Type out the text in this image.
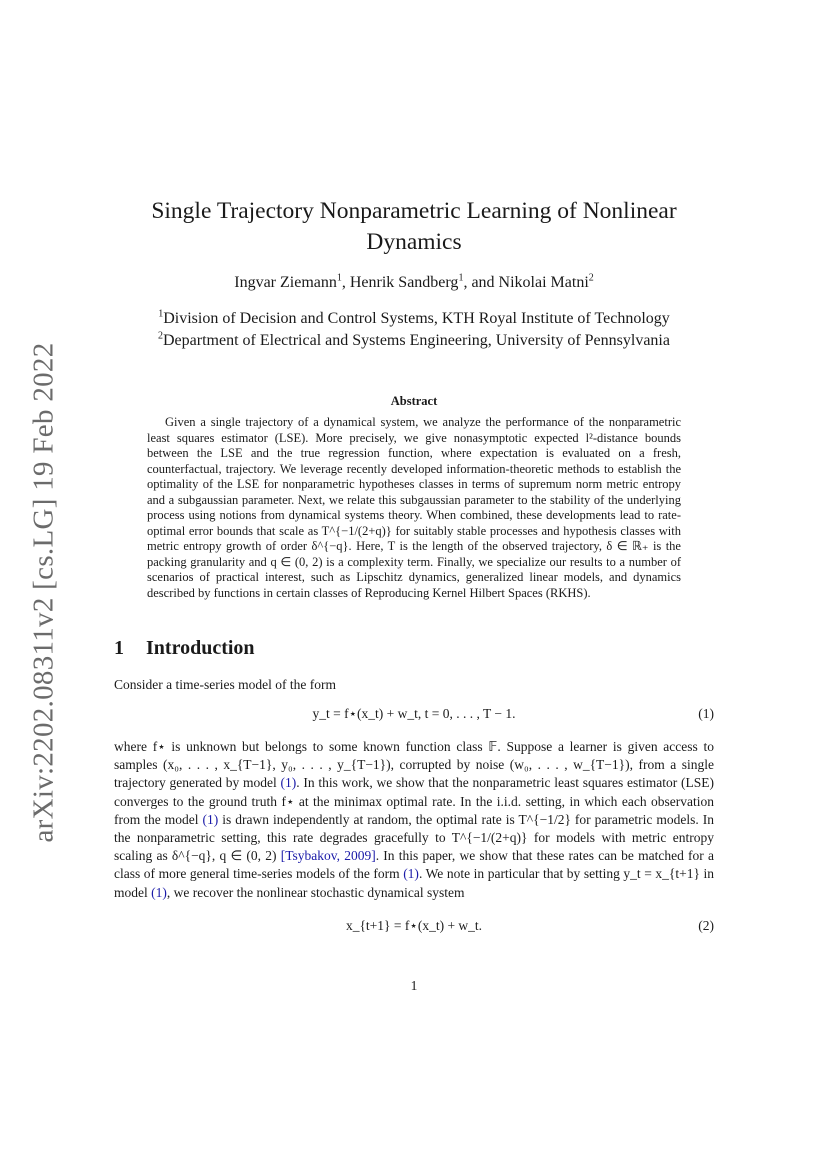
arXiv:2202.08311v2 [cs.LG] 19 Feb 2022
Single Trajectory Nonparametric Learning of Nonlinear Dynamics
Ingvar Ziemann$^1$, Henrik Sandberg$^1$, and Nikolai Matni$^2$
$^1$Division of Decision and Control Systems, KTH Royal Institute of Technology
$^2$Department of Electrical and Systems Engineering, University of Pennsylvania
Abstract

Given a single trajectory of a dynamical system, we analyze the performance of the nonparametric least squares estimator (LSE). More precisely, we give nonasymptotic expected l²-distance bounds between the LSE and the true regression function, where expectation is evaluated on a fresh, counterfactual, trajectory. We leverage recently developed information-theoretic methods to establish the optimality of the LSE for nonparametric hypotheses classes in terms of supremum norm metric entropy and a subgaussian parameter. Next, we relate this subgaussian parameter to the stability of the underlying process using notions from dynamical systems theory. When combined, these developments lead to rate-optimal error bounds that scale as T^{−1/(2+q)} for suitably stable processes and hypothesis classes with metric entropy growth of order δ^{−q}. Here, T is the length of the observed trajectory, δ ∈ ℝ₊ is the packing granularity and q ∈ (0, 2) is a complexity term. Finally, we specialize our results to a number of scenarios of practical interest, such as Lipschitz dynamics, generalized linear models, and dynamics described by functions in certain classes of Reproducing Kernel Hilbert Spaces (RKHS).

1 Introduction

Consider a time-series model of the form

y_t = f⋆(x_t) + w_t, t = 0, . . . , T − 1.	(1)

where f⋆ is unknown but belongs to some known function class 𝔽. Suppose a learner is given access to samples (x₀, . . . , x_{T−1}, y₀, . . . , y_{T−1}), corrupted by noise (w₀, . . . , w_{T−1}), from a single trajectory generated by model (1). In this work, we show that the nonparametric least squares estimator (LSE) converges to the ground truth f⋆ at the minimax optimal rate. In the i.i.d. setting, in which each observation from the model (1) is drawn independently at random, the optimal rate is T^{−1/2} for parametric models. In the nonparametric setting, this rate degrades gracefully to T^{−1/(2+q)} for models with metric entropy scaling as δ^{−q}, q ∈ (0, 2) [Tsybakov, 2009]. In this paper, we show that these rates can be matched for a class of more general time-series models of the form (1). We note in particular that by setting y_t = x_{t+1} in model (1), we recover the nonlinear stochastic dynamical system

x_{t+1} = f⋆(x_t) + w_t.	(2)
1
